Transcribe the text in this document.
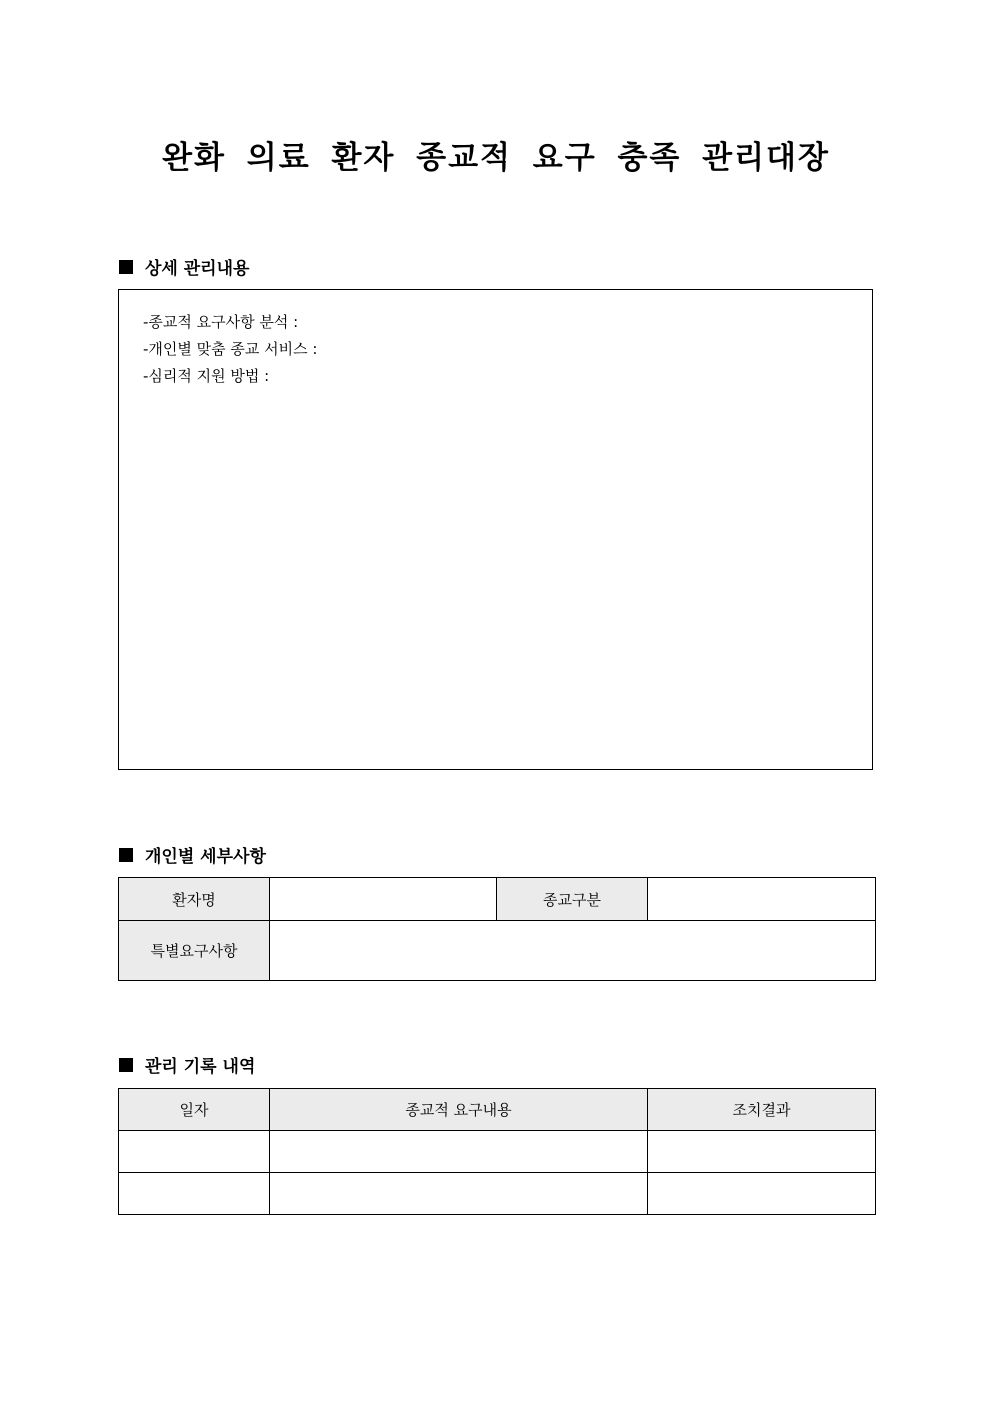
완화 의료 환자 종교적 요구 충족 관리대장
상세 관리내용
-종교적 요구사항 분석 :
-개인별 맞춤 종교 서비스 :
-심리적 지원 방법 :
개인별 세부사항
환자명		종교구분	
특별요구사항			
관리 기록 내역
일자	종교적 요구내용	조치결과
